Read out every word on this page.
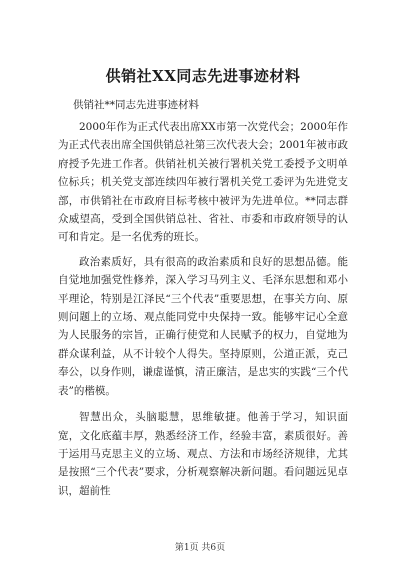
供销社XX同志先进事迹材料
供销社**同志先进事迹材料

2000年作为正式代表出席XX市第一次党代会；2000年作为正式代表出席全国供销总社第三次代表大会；2001年被市政府授予先进工作者。供销社机关被行署机关党工委授予文明单位标兵；机关党支部连续四年被行署机关党工委评为先进党支部，市供销社在市政府目标考核中被评为先进单位。**同志群众威望高，受到全国供销总社、省社、市委和市政府领导的认可和肯定。是一名优秀的班长。

政治素质好，具有很高的政治素质和良好的思想品德。能自觉地加强党性修养，深入学习马列主义、毛泽东思想和邓小平理论，特别是江泽民“三个代表”重要思想，在事关方向、原则问题上的立场、观点能同党中央保持一致。能够牢记心全意为人民服务的宗旨，正确行使党和人民赋予的权力，自觉地为群众谋利益，从不计较个人得失。坚持原则，公道正派，克己奉公，以身作则，谦虚谨慎，清正廉洁，是忠实的实践“三个代表”的楷模。

智慧出众，头脑聪慧，思维敏捷。他善于学习，知识面宽，文化底蕴丰厚，熟悉经济工作，经验丰富，素质很好。善于运用马克思主义的立场、观点、方法和市场经济规律，尤其是按照“三个代表”要求，分析观察解决新问题。看问题远见卓识，超前性

第1页 共6页
